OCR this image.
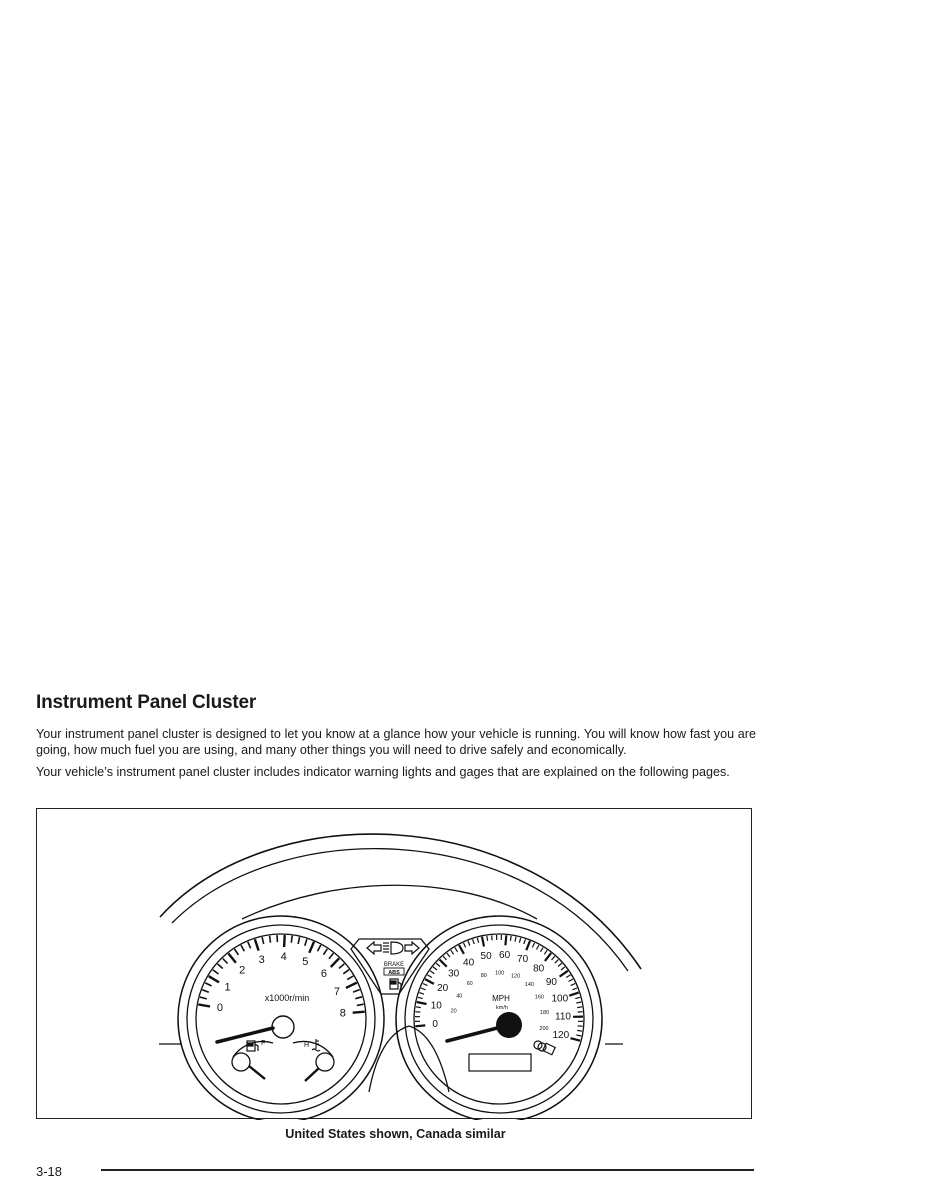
Instrument Panel Cluster

Your instrument panel cluster is designed to let you know at a glance how your vehicle is running. You will know how fast you are going, how much fuel you are using, and many other things you will need to drive safely and economically.

Your vehicle’s instrument panel cluster includes indicator warning lights and gages that are explained on the following pages.

0
1
2
3 4 5
6
7
8
x1000r/min
F	H
BRAKE
ABS
0
10
20
30
40
50 60 70
80
90
100
110
120
20
40
60
80 100
120
140
160
180
200
MPH
km/h
United States shown, Canada similar
3-18
